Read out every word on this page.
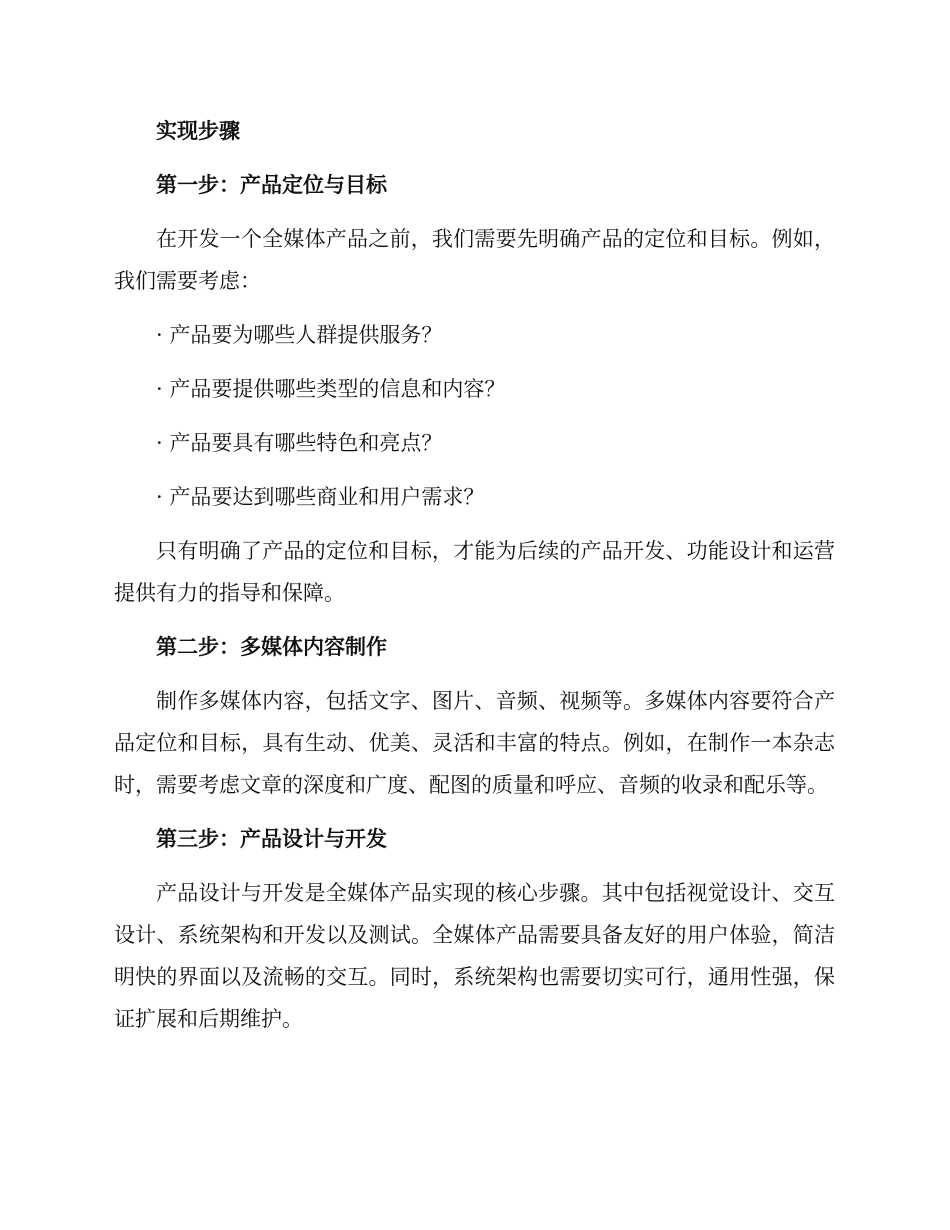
实现步骤

第一步：产品定位与目标

在开发一个全媒体产品之前，我们需要先明确产品的定位和目标。例如，我们需要考虑：

· 产品要为哪些人群提供服务？

· 产品要提供哪些类型的信息和内容？

· 产品要具有哪些特色和亮点？

· 产品要达到哪些商业和用户需求？

只有明确了产品的定位和目标，才能为后续的产品开发、功能设计和运营提供有力的指导和保障。

第二步：多媒体内容制作

制作多媒体内容，包括文字、图片、音频、视频等。多媒体内容要符合产品定位和目标，具有生动、优美、灵活和丰富的特点。例如，在制作一本杂志时，需要考虑文章的深度和广度、配图的质量和呼应、音频的收录和配乐等。

第三步：产品设计与开发

产品设计与开发是全媒体产品实现的核心步骤。其中包括视觉设计、交互设计、系统架构和开发以及测试。全媒体产品需要具备友好的用户体验，简洁明快的界面以及流畅的交互。同时，系统架构也需要切实可行，通用性强，保证扩展和后期维护。
